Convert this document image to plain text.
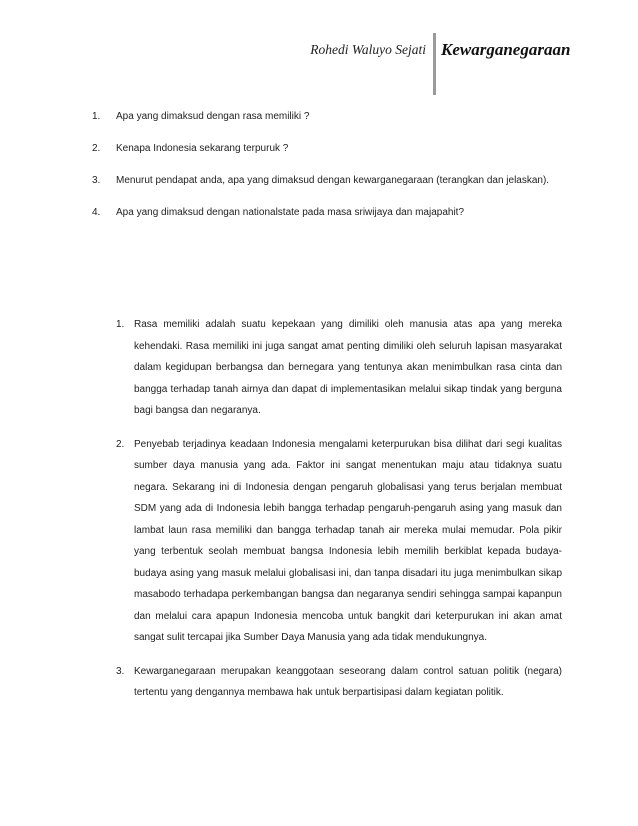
Rohedi Waluyo Sejati Kewarganegaraan
1. Apa yang dimaksud dengan rasa memiliki ?
2. Kenapa Indonesia sekarang terpuruk ?
3. Menurut pendapat anda, apa yang dimaksud dengan kewarganegaraan (terangkan dan jelaskan).
4. Apa yang dimaksud dengan nationalstate pada masa sriwijaya dan majapahit?
1. Rasa memiliki adalah suatu kepekaan yang dimiliki oleh manusia atas apa yang mereka kehendaki. Rasa memiliki ini juga sangat amat penting dimiliki oleh seluruh lapisan masyarakat dalam kegidupan berbangsa dan bernegara yang tentunya akan menimbulkan rasa cinta dan bangga terhadap tanah airnya dan dapat di implementasikan melalui sikap tindak yang berguna bagi bangsa dan negaranya.
2. Penyebab terjadinya keadaan Indonesia mengalami keterpurukan bisa dilihat dari segi kualitas sumber daya manusia yang ada. Faktor ini sangat menentukan maju atau tidaknya suatu negara. Sekarang ini di Indonesia dengan pengaruh globalisasi yang terus berjalan membuat SDM yang ada di Indonesia lebih bangga terhadap pengaruh-pengaruh asing yang masuk dan lambat laun rasa memiliki dan bangga terhadap tanah air mereka mulai memudar. Pola pikir yang terbentuk seolah membuat bangsa Indonesia lebih memilih berkiblat kepada budaya-budaya asing yang masuk melalui globalisasi ini, dan tanpa disadari itu juga menimbulkan sikap masabodo terhadapa perkembangan bangsa dan negaranya sendiri sehingga sampai kapanpun dan melalui cara apapun Indonesia mencoba untuk bangkit dari keterpurukan ini akan amat sangat sulit tercapai jika Sumber Daya Manusia yang ada tidak mendukungnya.
3. Kewarganegaraan merupakan keanggotaan seseorang dalam control satuan politik (negara) tertentu yang dengannya membawa hak untuk berpartisipasi dalam kegiatan politik.
